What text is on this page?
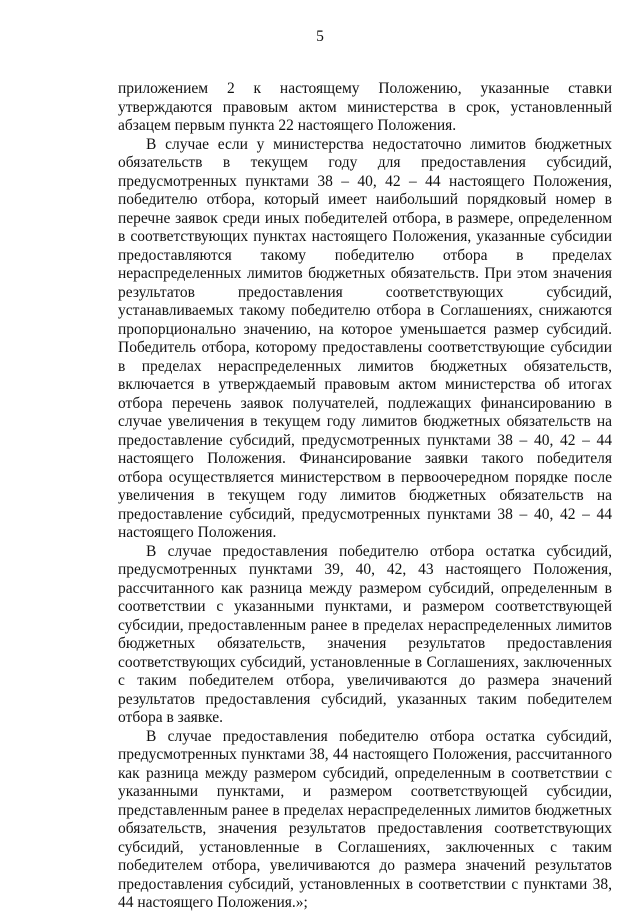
5

приложением 2 к настоящему Положению, указанные ставки утверждаются правовым актом министерства в срок, установленный абзацем первым пункта 22 настоящего Положения.

В случае если у министерства недостаточно лимитов бюджетных обязательств в текущем году для предоставления субсидий, предусмотренных пунктами 38 – 40, 42 – 44 настоящего Положения, победителю отбора, который имеет наибольший порядковый номер в перечне заявок среди иных победителей отбора, в размере, определенном в соответствующих пунктах настоящего Положения, указанные субсидии предоставляются такому победителю отбора в пределах нераспределенных лимитов бюджетных обязательств. При этом значения результатов предоставления соответствующих субсидий, устанавливаемых такому победителю отбора в Соглашениях, снижаются пропорционально значению, на которое уменьшается размер субсидий. Победитель отбора, которому предоставлены соответствующие субсидии в пределах нераспределенных лимитов бюджетных обязательств, включается в утверждаемый правовым актом министерства об итогах отбора перечень заявок получателей, подлежащих финансированию в случае увеличения в текущем году лимитов бюджетных обязательств на предоставление субсидий, предусмотренных пунктами 38 – 40, 42 – 44 настоящего Положения. Финансирование заявки такого победителя отбора осуществляется министерством в первоочередном порядке после увеличения в текущем году лимитов бюджетных обязательств на предоставление субсидий, предусмотренных пунктами 38 – 40, 42 – 44 настоящего Положения.

В случае предоставления победителю отбора остатка субсидий, предусмотренных пунктами 39, 40, 42, 43 настоящего Положения, рассчитанного как разница между размером субсидий, определенным в соответствии с указанными пунктами, и размером соответствующей субсидии, предоставленным ранее в пределах нераспределенных лимитов бюджетных обязательств, значения результатов предоставления соответствующих субсидий, установленные в Соглашениях, заключенных с таким победителем отбора, увеличиваются до размера значений результатов предоставления субсидий, указанных таким победителем отбора в заявке.

В случае предоставления победителю отбора остатка субсидий, предусмотренных пунктами 38, 44 настоящего Положения, рассчитанного как разница между размером субсидий, определенным в соответствии с указанными пунктами, и размером соответствующей субсидии, представленным ранее в пределах нераспределенных лимитов бюджетных обязательств, значения результатов предоставления соответствующих субсидий, установленные в Соглашениях, заключенных с таким победителем отбора, увеличиваются до размера значений результатов предоставления субсидий, установленных в соответствии с пунктами 38, 44 настоящего Положения.»;
